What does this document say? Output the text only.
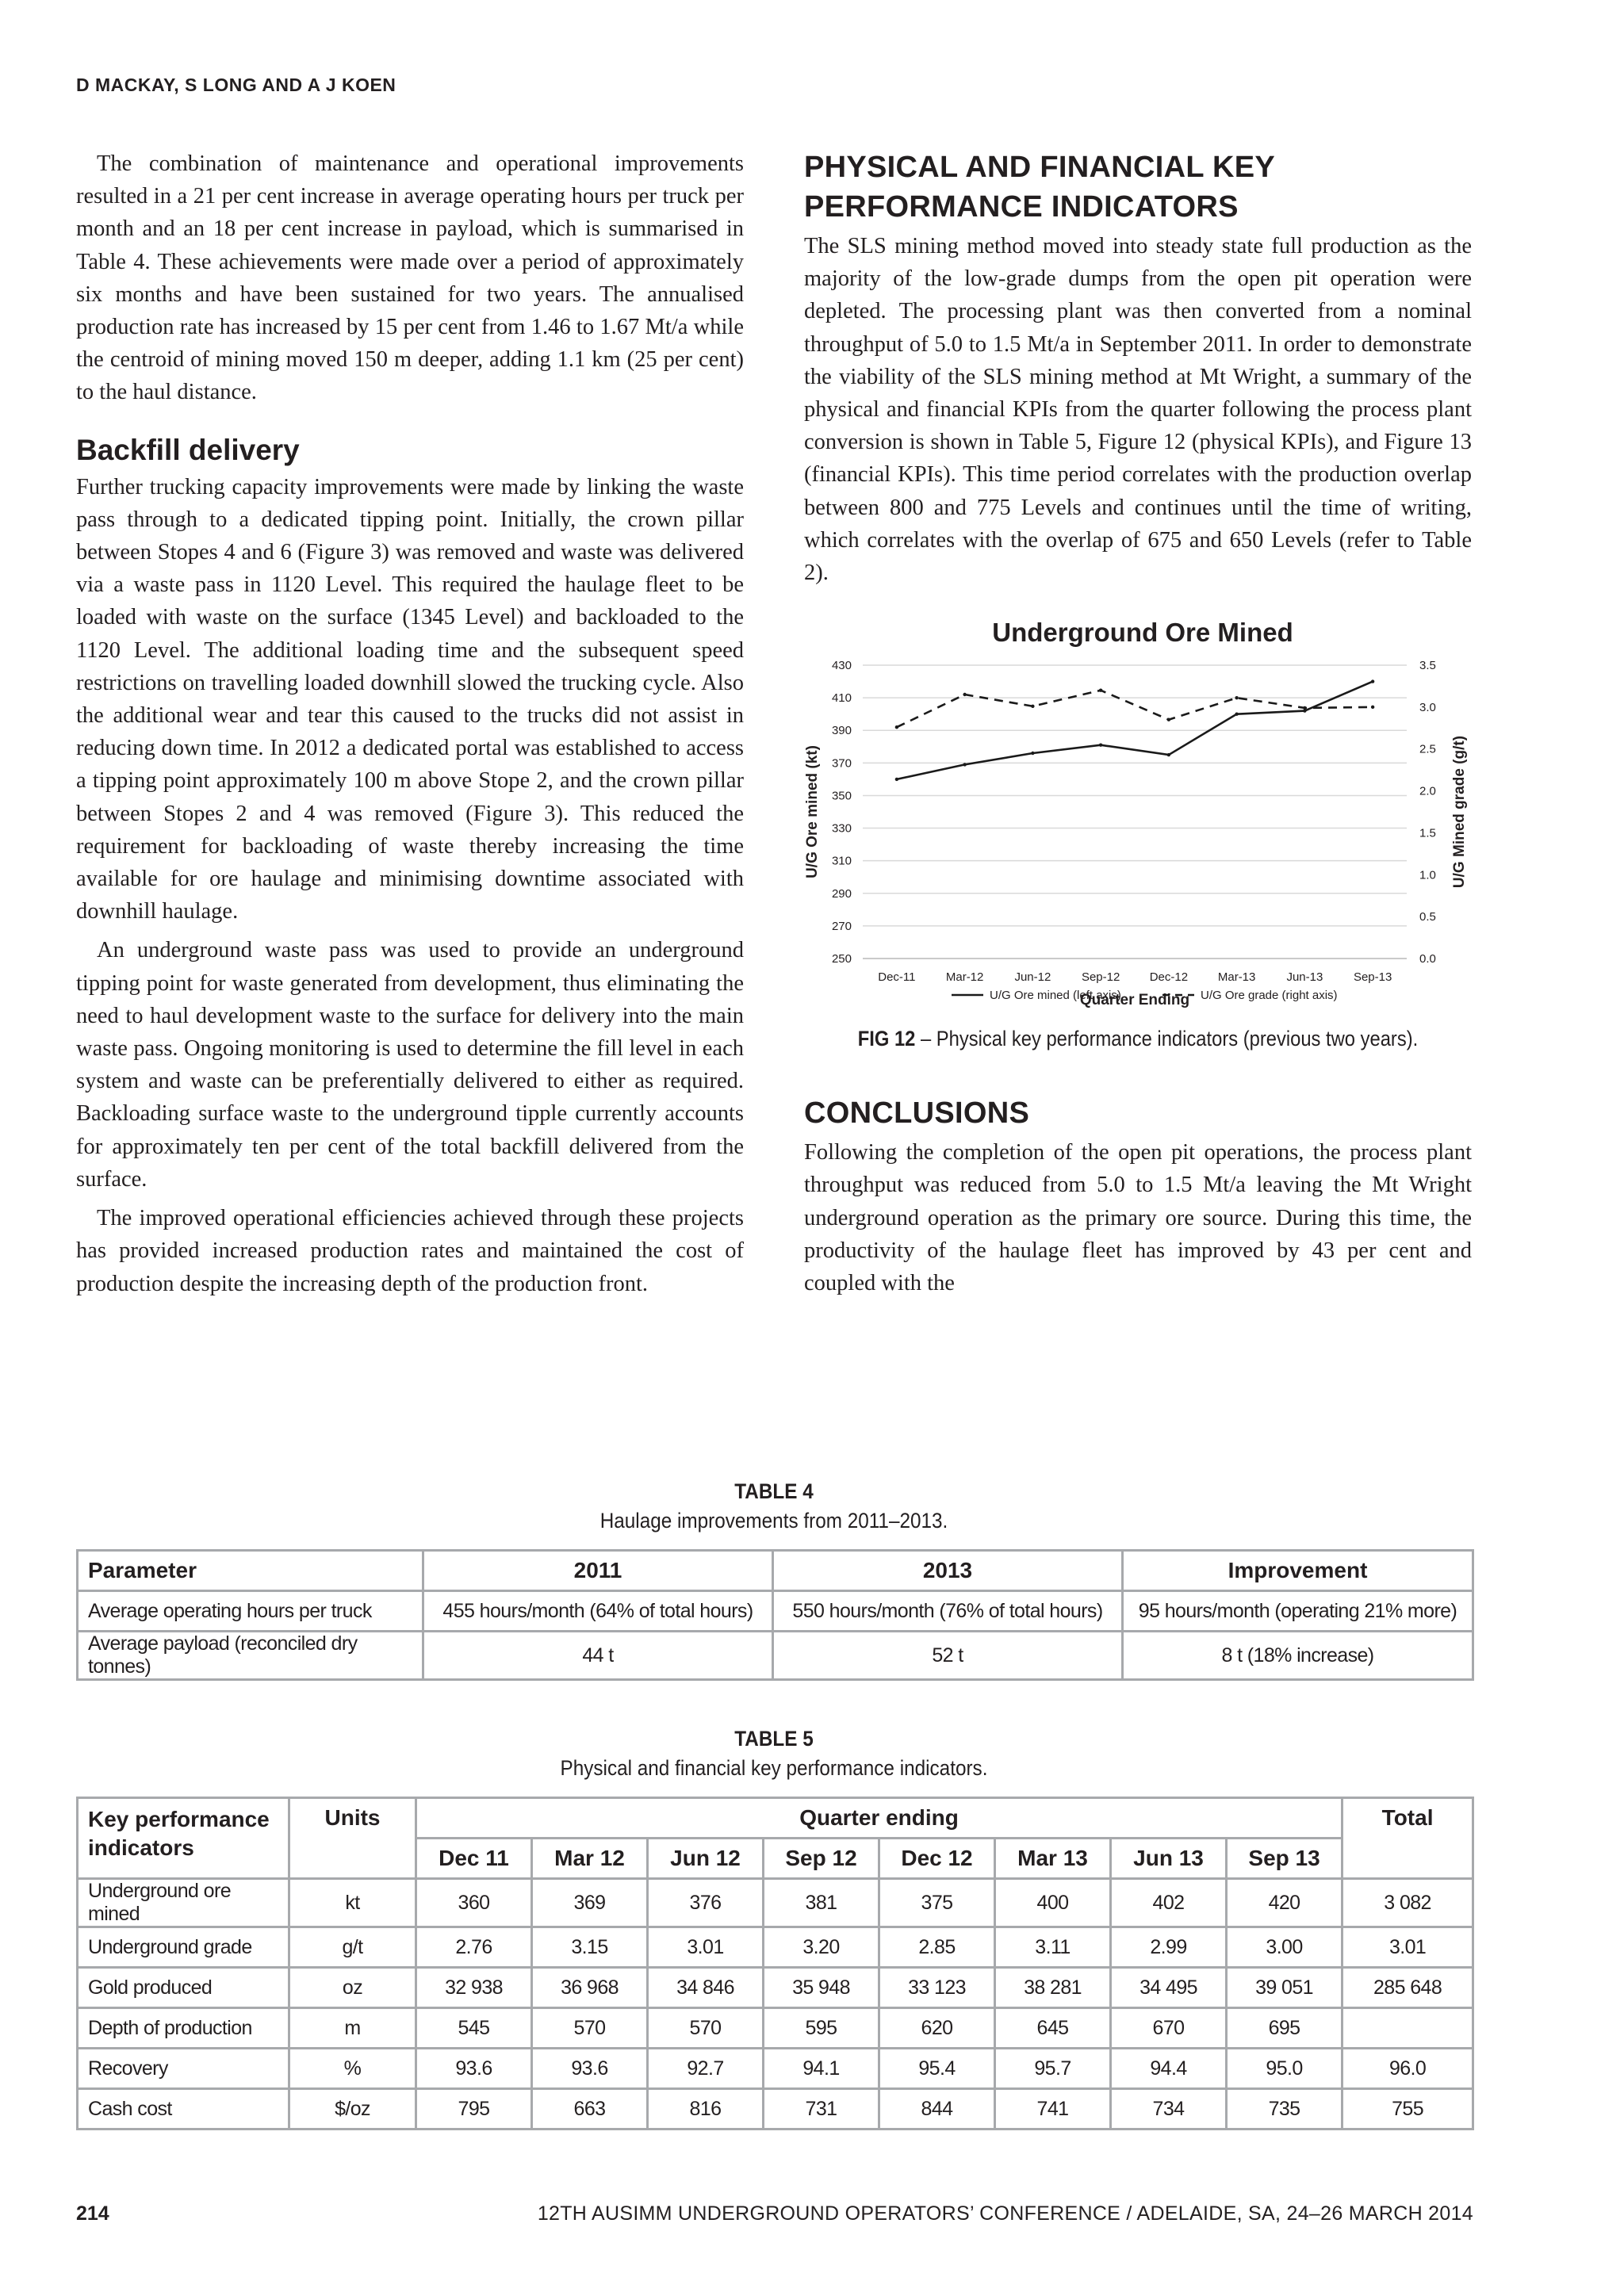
D MACKAY, S LONG AND A J KOEN

The combination of maintenance and operational improvements resulted in a 21 per cent increase in average operating hours per truck per month and an 18 per cent increase in payload, which is summarised in Table 4. These achievements were made over a period of approximately six months and have been sustained for two years. The annualised production rate has increased by 15 per cent from 1.46 to 1.67 Mt/a while the centroid of mining moved 150 m deeper, adding 1.1 km (25 per cent) to the haul distance.

Backfill delivery

Further trucking capacity improvements were made by linking the waste pass through to a dedicated tipping point. Initially, the crown pillar between Stopes 4 and 6 (Figure 3) was removed and waste was delivered via a waste pass in 1120 Level. This required the haulage fleet to be loaded with waste on the surface (1345 Level) and backloaded to the 1120 Level. The additional loading time and the subsequent speed restrictions on travelling loaded downhill slowed the trucking cycle. Also the additional wear and tear this caused to the trucks did not assist in reducing down time. In 2012 a dedicated portal was established to access a tipping point approximately 100 m above Stope 2, and the crown pillar between Stopes 2 and 4 was removed (Figure 3). This reduced the requirement for backloading of waste thereby increasing the time available for ore haulage and minimising downtime associated with downhill haulage.

An underground waste pass was used to provide an underground tipping point for waste generated from development, thus eliminating the need to haul development waste to the surface for delivery into the main waste pass. Ongoing monitoring is used to determine the fill level in each system and waste can be preferentially delivered to either as required. Backloading surface waste to the underground tipple currently accounts for approximately ten per cent of the total backfill delivered from the surface.

The improved operational efficiencies achieved through these projects has provided increased production rates and maintained the cost of production despite the increasing depth of the production front.

PHYSICAL AND FINANCIAL KEY PERFORMANCE INDICATORS

The SLS mining method moved into steady state full production as the majority of the low-grade dumps from the open pit operation were depleted. The processing plant was then converted from a nominal throughput of 5.0 to 1.5 Mt/a in September 2011. In order to demonstrate the viability of the SLS mining method at Mt Wright, a summary of the physical and financial KPIs from the quarter following the process plant conversion is shown in Table 5, Figure 12 (physical KPIs), and Figure 13 (financial KPIs). This time period correlates with the production overlap between 800 and 775 Levels and continues until the time of writing, which correlates with the overlap of 675 and 650 Levels (refer to Table 2).

Underground Ore Mined
430
410
390
370
350
330
310
290
270
250
3.5
3.0
2.5
2.0
1.5
1.0
0.5
0.0
Dec-11	Mar-12	Jun-12	Sep-12 Dec-12	Mar-13	Jun-13	Sep-13
Quarter Ending
U/G Ore mined (kt)	U/G Mined grade (g/t)
U/G Ore mined (left axis)	U/G Ore grade (right axis)
FIG 12 – Physical key performance indicators (previous two years).
CONCLUSIONS

Following the completion of the open pit operations, the process plant throughput was reduced from 5.0 to 1.5 Mt/a leaving the Mt Wright underground operation as the primary ore source. During this time, the productivity of the haulage fleet has improved by 43 per cent and coupled with the

TABLE 4
Haulage improvements from 2011–2013.
Parameter	2011	2013	Improvement
Average operating hours per truck	455 hours/month (64% of total hours)	550 hours/month (76% of total hours)	95 hours/month (operating 21% more)
Average payload (reconciled dry tonnes)	44 t	52 t	8 t (18% increase)
TABLE 5
Physical and financial key performance indicators.
Key performance indicators	Units	Quarter ending								Total
		Dec 11	Mar 12	Jun 12	Sep 12	Dec 12	Mar 13	Jun 13	Sep 13	
Underground ore mined	kt	360	369	376	381	375	400	402	420	3 082
Underground grade	g/t	2.76	3.15	3.01	3.20	2.85	3.11	2.99	3.00	3.01
Gold produced	oz	32 938	36 968	34 846	35 948	33 123	38 281	34 495	39 051	285 648
Depth of production	m	545	570	570	595	620	645	670	695	
Recovery	%	93.6	93.6	92.7	94.1	95.4	95.7	94.4	95.0	96.0
Cash cost	$/oz	795	663	816	731	844	741	734	735	755
214	12TH AUSIMM UNDERGROUND OPERATORS’ CONFERENCE / ADELAIDE, SA, 24–26 MARCH 2014
